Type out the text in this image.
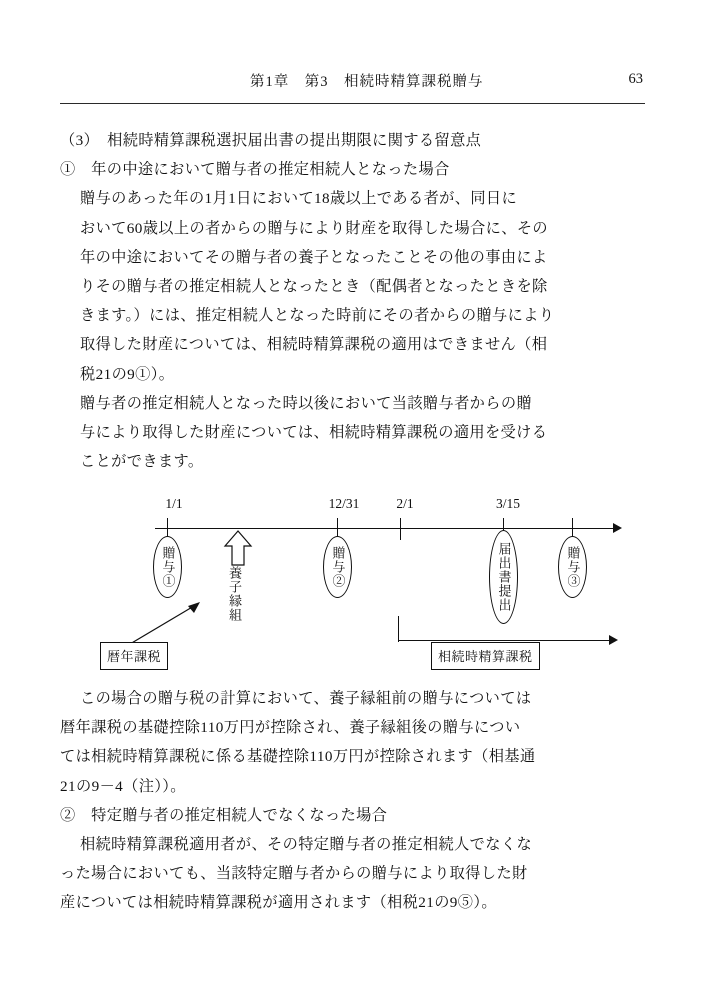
第1章　第3　相続時精算課税贈与	63

（3）　相続時精算課税選択届出書の提出期限に関する留意点

①　年の中途において贈与者の推定相続人となった場合

贈与のあった年の1月1日において18歳以上である者が、同日に

おいて60歳以上の者からの贈与により財産を取得した場合に、その

年の中途においてその贈与者の養子となったことその他の事由によ

りその贈与者の推定相続人となったとき（配偶者となったときを除

きます。）には、推定相続人となった時前にその者からの贈与により

取得した財産については、相続時精算課税の適用はできません（相

税21の9①）。

贈与者の推定相続人となった時以後において当該贈与者からの贈

与により取得した財産については、相続時精算課税の適用を受ける

ことができます。

1/1	12/31	2/1	3/15
贈与①	贈与②	届出書提出	贈与③
養子縁組
暦年課税	相続時精算課税

この場合の贈与税の計算において、養子縁組前の贈与については

暦年課税の基礎控除110万円が控除され、養子縁組後の贈与につい

ては相続時精算課税に係る基礎控除110万円が控除されます（相基通

21の9－4（注））。

②　特定贈与者の推定相続人でなくなった場合

相続時精算課税適用者が、その特定贈与者の推定相続人でなくな

った場合においても、当該特定贈与者からの贈与により取得した財

産については相続時精算課税が適用されます（相税21の9⑤）。
